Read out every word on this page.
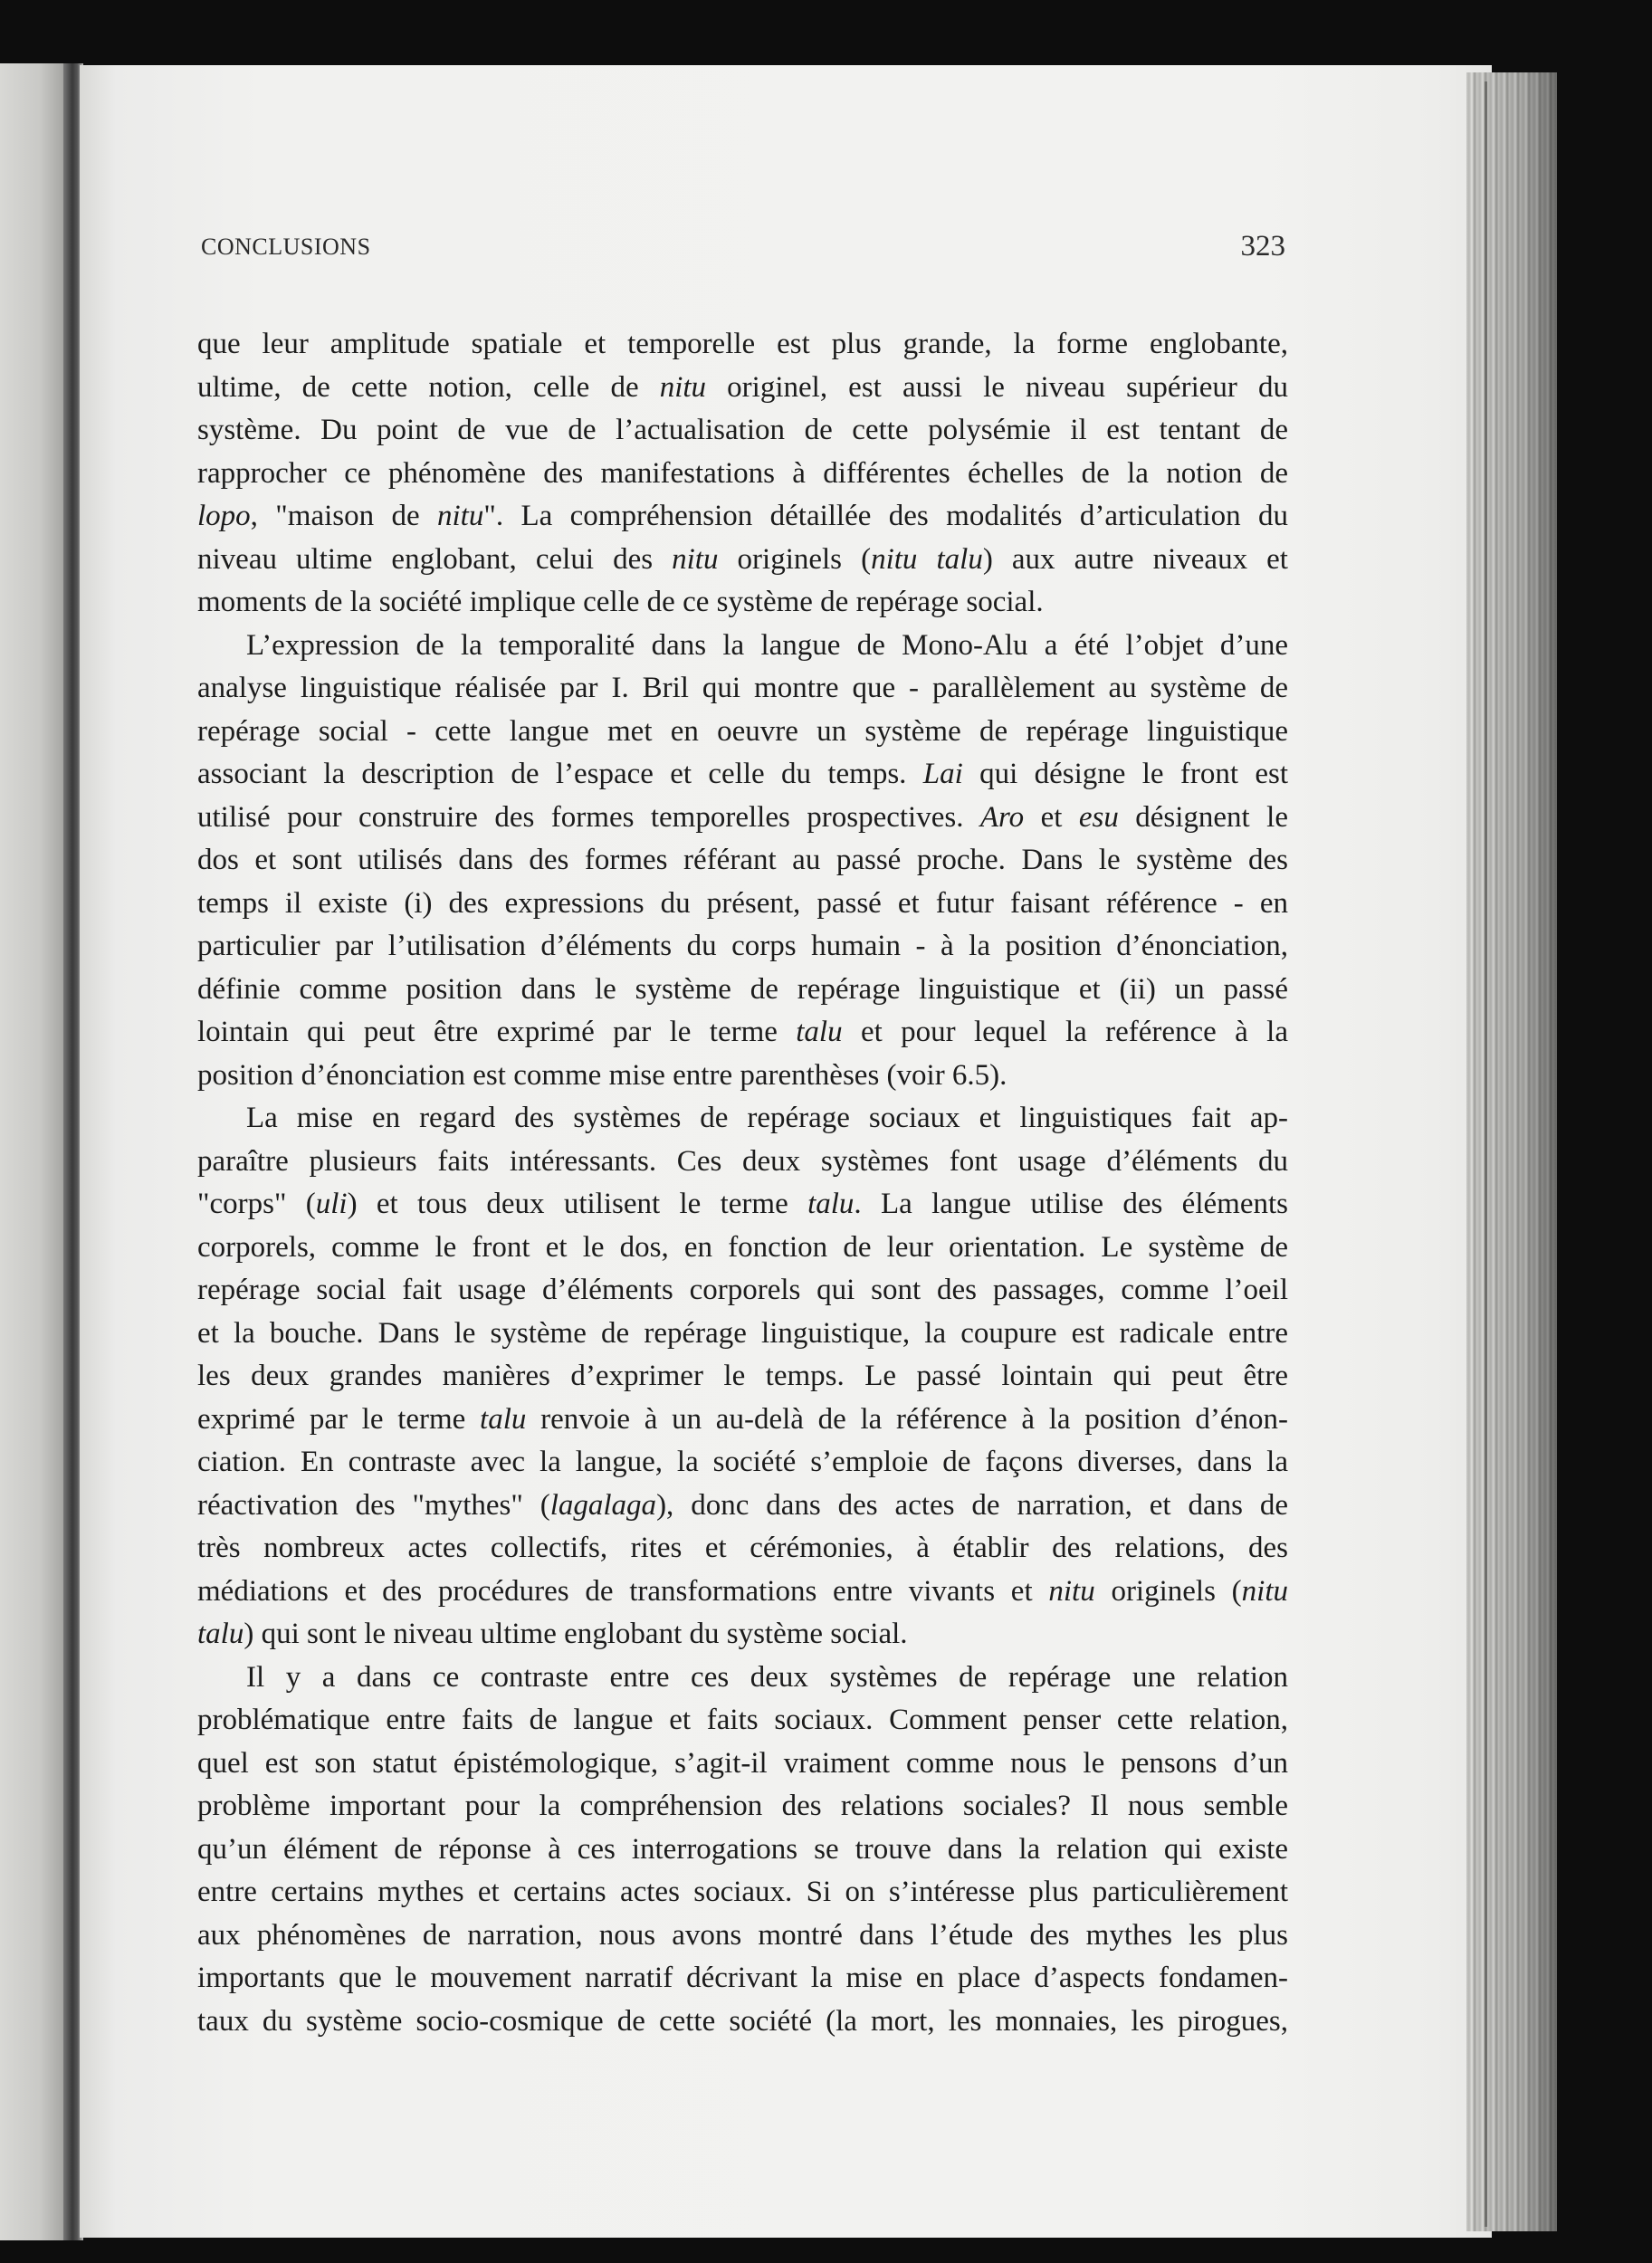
CONCLUSIONS	323
que leur amplitude spatiale et temporelle est plus grande, la forme englobante,
ultime, de cette notion, celle de nitu originel, est aussi le niveau supérieur du
système. Du point de vue de l’actualisation de cette polysémie il est tentant de
rapprocher ce phénomène des manifestations à différentes échelles de la notion de
lopo, "maison de nitu". La compréhension détaillée des modalités d’articulation du
niveau ultime englobant, celui des nitu originels (nitu talu) aux autre niveaux et
moments de la société implique celle de ce système de repérage social.
L’expression de la temporalité dans la langue de Mono-Alu a été l’objet d’une
analyse linguistique réalisée par I. Bril qui montre que - parallèlement au système de
repérage social - cette langue met en oeuvre un système de repérage linguistique
associant la description de l’espace et celle du temps. Lai qui désigne le front est
utilisé pour construire des formes temporelles prospectives. Aro et esu désignent le
dos et sont utilisés dans des formes référant au passé proche. Dans le système des
temps il existe (i) des expressions du présent, passé et futur faisant référence - en
particulier par l’utilisation d’éléments du corps humain - à la position d’énonciation,
définie comme position dans le système de repérage linguistique et (ii) un passé
lointain qui peut être exprimé par le terme talu et pour lequel la reférence à la
position d’énonciation est comme mise entre parenthèses (voir 6.5).
La mise en regard des systèmes de repérage sociaux et linguistiques fait ap-
paraître plusieurs faits intéressants. Ces deux systèmes font usage d’éléments du
"corps" (uli) et tous deux utilisent le terme talu. La langue utilise des éléments
corporels, comme le front et le dos, en fonction de leur orientation. Le système de
repérage social fait usage d’éléments corporels qui sont des passages, comme l’oeil
et la bouche. Dans le système de repérage linguistique, la coupure est radicale entre
les deux grandes manières d’exprimer le temps. Le passé lointain qui peut être
exprimé par le terme talu renvoie à un au-delà de la référence à la position d’énon-
ciation. En contraste avec la langue, la société s’emploie de façons diverses, dans la
réactivation des "mythes" (lagalaga), donc dans des actes de narration, et dans de
très nombreux actes collectifs, rites et cérémonies, à établir des relations, des
médiations et des procédures de transformations entre vivants et nitu originels (nitu
talu) qui sont le niveau ultime englobant du système social.
Il y a dans ce contraste entre ces deux systèmes de repérage une relation
problématique entre faits de langue et faits sociaux. Comment penser cette relation,
quel est son statut épistémologique, s’agit-il vraiment comme nous le pensons d’un
problème important pour la compréhension des relations sociales? Il nous semble
qu’un élément de réponse à ces interrogations se trouve dans la relation qui existe
entre certains mythes et certains actes sociaux. Si on s’intéresse plus particulièrement
aux phénomènes de narration, nous avons montré dans l’étude des mythes les plus
importants que le mouvement narratif décrivant la mise en place d’aspects fondamen-
taux du système socio-cosmique de cette société (la mort, les monnaies, les pirogues,
